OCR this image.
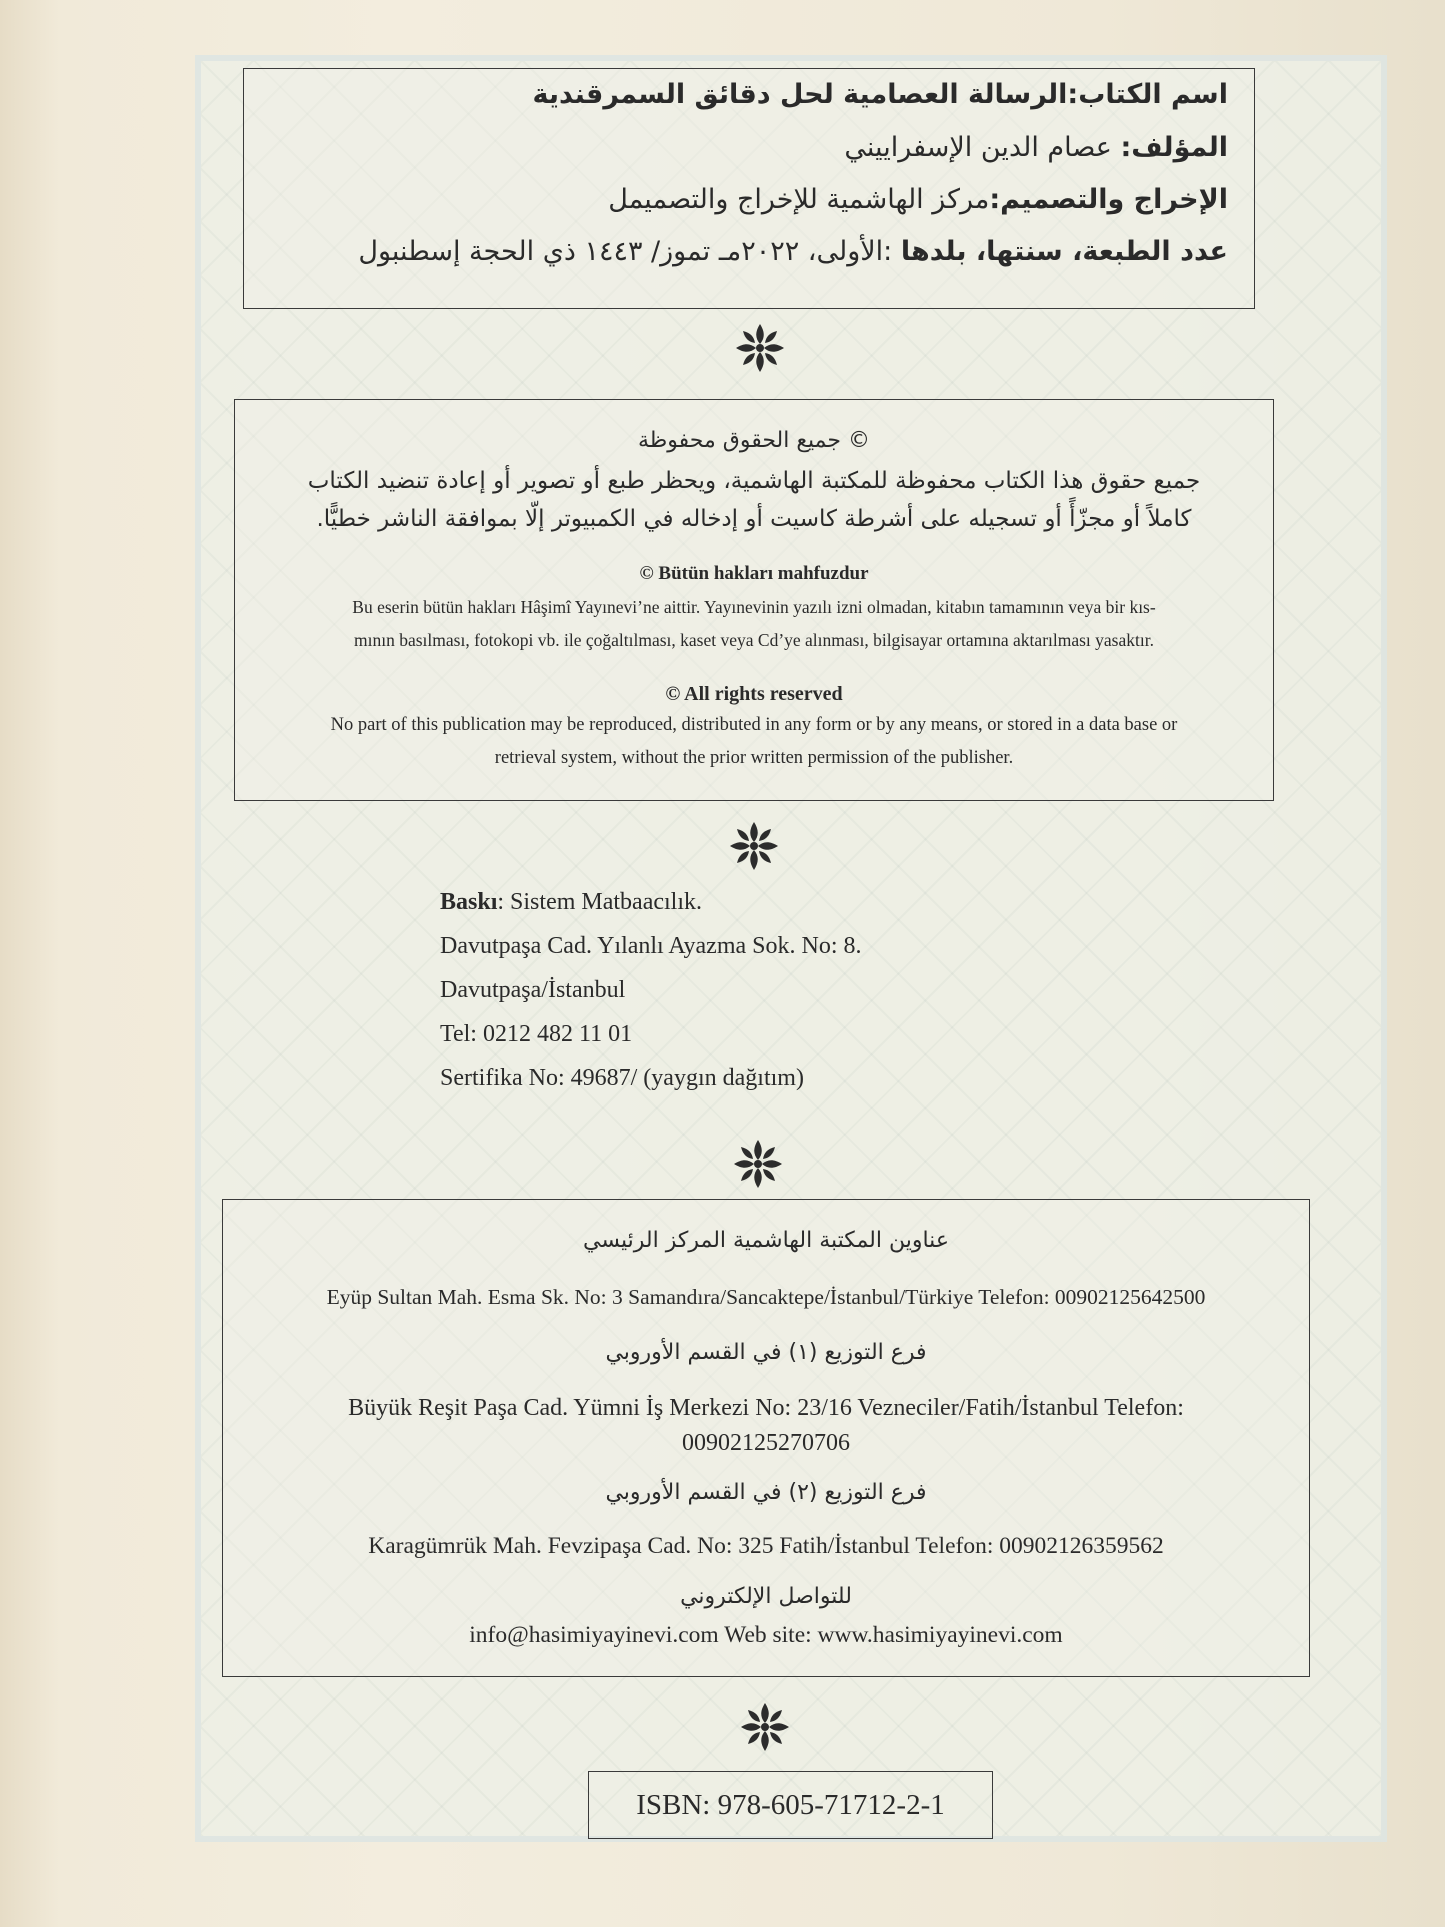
اسم الكتاب:الرسالة العصامية لحل دقائق السمرقندية
المؤلف: عصام الدين الإسفراييني
الإخراج والتصميم:مركز الهاشمية للإخراج والتصميمل
عدد الطبعة، سنتها، بلدها :الأولى، ٢٠٢٢مـ تموز/ ١٤٤٣ ذي الحجة إسطنبول
© جميع الحقوق محفوظة
جميع حقوق هذا الكتاب محفوظة للمكتبة الهاشمية، ويحظر طبع أو تصوير أو إعادة تنضيد الكتاب
كاملاً أو مجزّأً أو تسجيله على أشرطة كاسيت أو إدخاله في الكمبيوتر إلّا بموافقة الناشر خطيًّا.
© Bütün hakları mahfuzdur
Bu eserin bütün hakları Hâşimî Yayınevi’ne aittir. Yayınevinin yazılı izni olmadan, kitabın tamamının veya bir kıs-
mının basılması, fotokopi vb. ile çoğaltılması, kaset veya Cd’ye alınması, bilgisayar ortamına aktarılması yasaktır.
© All rights reserved
No part of this publication may be reproduced, distributed in any form or by any means, or stored in a data base or
retrieval system, without the prior written permission of the publisher.
Baskı: Sistem Matbaacılık.
Davutpaşa Cad. Yılanlı Ayazma Sok. No: 8.
Davutpaşa/İstanbul
Tel: 0212 482 11 01
Sertifika No: 49687/ (yaygın dağıtım)
عناوين المكتبة الهاشمية المركز الرئيسي
Eyüp Sultan Mah. Esma Sk. No: 3 Samandıra/Sancaktepe/İstanbul/Türkiye Telefon: 00902125642500
فرع التوزيع (١) في القسم الأوروبي
Büyük Reşit Paşa Cad. Yümni İş Merkezi No: 23/16 Vezneciler/Fatih/İstanbul Telefon:
00902125270706
فرع التوزيع (٢) في القسم الأوروبي
Karagümrük Mah. Fevzipaşa Cad. No: 325 Fatih/İstanbul Telefon: 00902126359562
للتواصل الإلكتروني
info@hasimiyayinevi.com Web site: www.hasimiyayinevi.com
ISBN: 978-605-71712-2-1
